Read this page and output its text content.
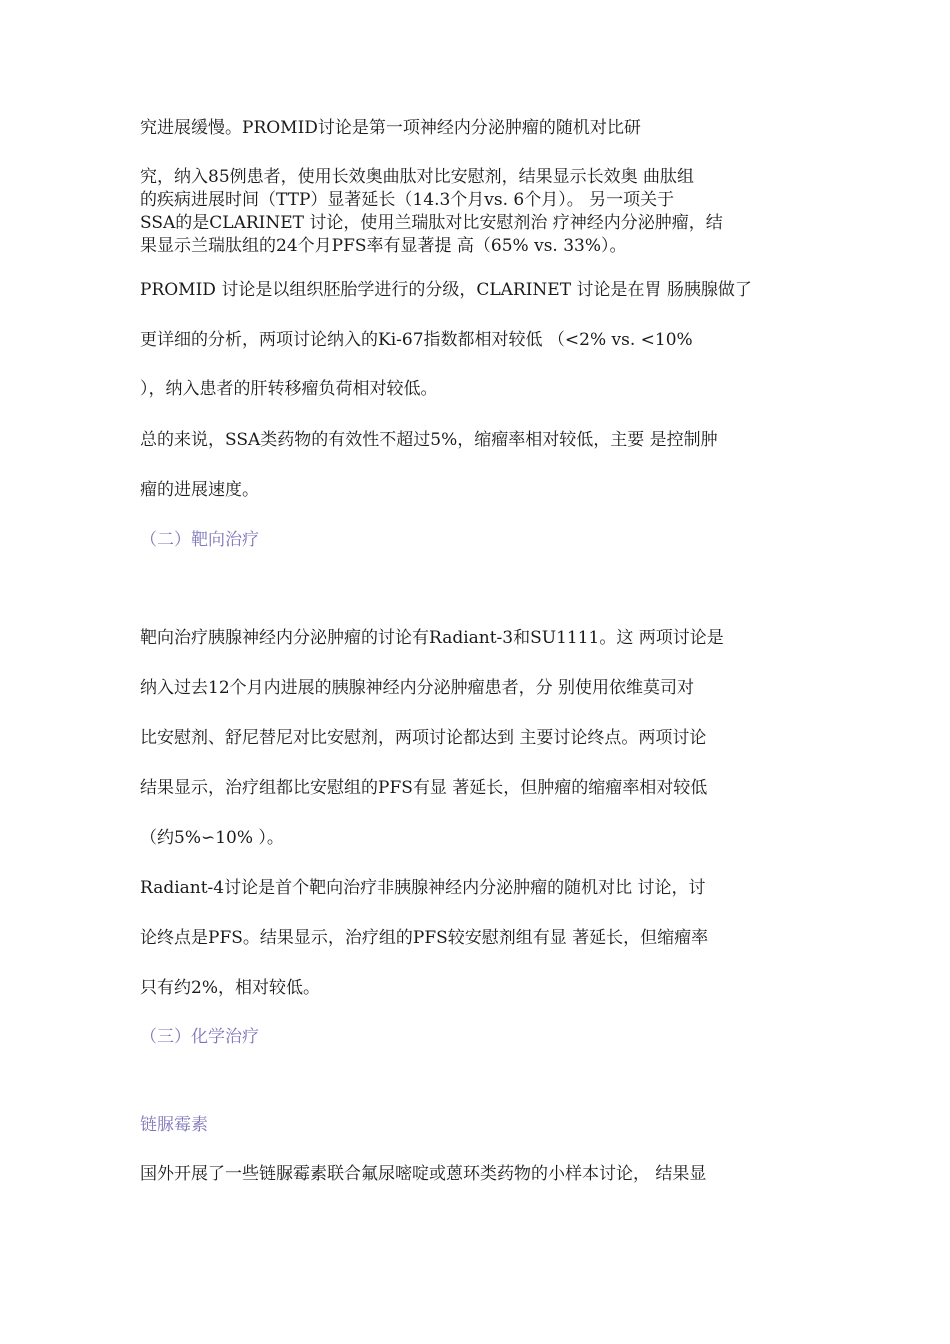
究进展缓慢。PROMID讨论是第一项神经内分泌肿瘤的随机对比研
究，纳入85例患者，使用长效奥曲肽对比安慰剂，结果显示长效奥 曲肽组
的疾病进展时间（TTP）显著延长（14.3个月vs. 6个月）。 另一项关于
SSA的是CLARINET 讨论，使用兰瑞肽对比安慰剂治 疗神经内分泌肿瘤，结
果显示兰瑞肽组的24个月PFS率有显著提 高（65% vs. 33%）。
PROMID 讨论是以组织胚胎学进行的分级，CLARINET 讨论是在胃 肠胰腺做了
更详细的分析，两项讨论纳入的Ki-67指数都相对较低 （<2% vs. <10%
），纳入患者的肝转移瘤负荷相对较低。
总的来说，SSA类药物的有效性不超过5%，缩瘤率相对较低，主要 是控制肿
瘤的进展速度。
（二）靶向治疗
靶向治疗胰腺神经内分泌肿瘤的讨论有Radiant-3和SU1111。这 两项讨论是
纳入过去12个月内进展的胰腺神经内分泌肿瘤患者，分 别使用依维莫司对
比安慰剂、舒尼替尼对比安慰剂，两项讨论都达到 主要讨论终点。两项讨论
结果显示，治疗组都比安慰组的PFS有显 著延长，但肿瘤的缩瘤率相对较低
（约5%∽10% ）。
Radiant-4讨论是首个靶向治疗非胰腺神经内分泌肿瘤的随机对比 讨论，讨
论终点是PFS。结果显示，治疗组的PFS较安慰剂组有显 著延长，但缩瘤率
只有约2%，相对较低。
（三）化学治疗
链脲霉素
国外开展了一些链脲霉素联合氟尿嘧啶或蒽环类药物的小样本讨论， 结果显
